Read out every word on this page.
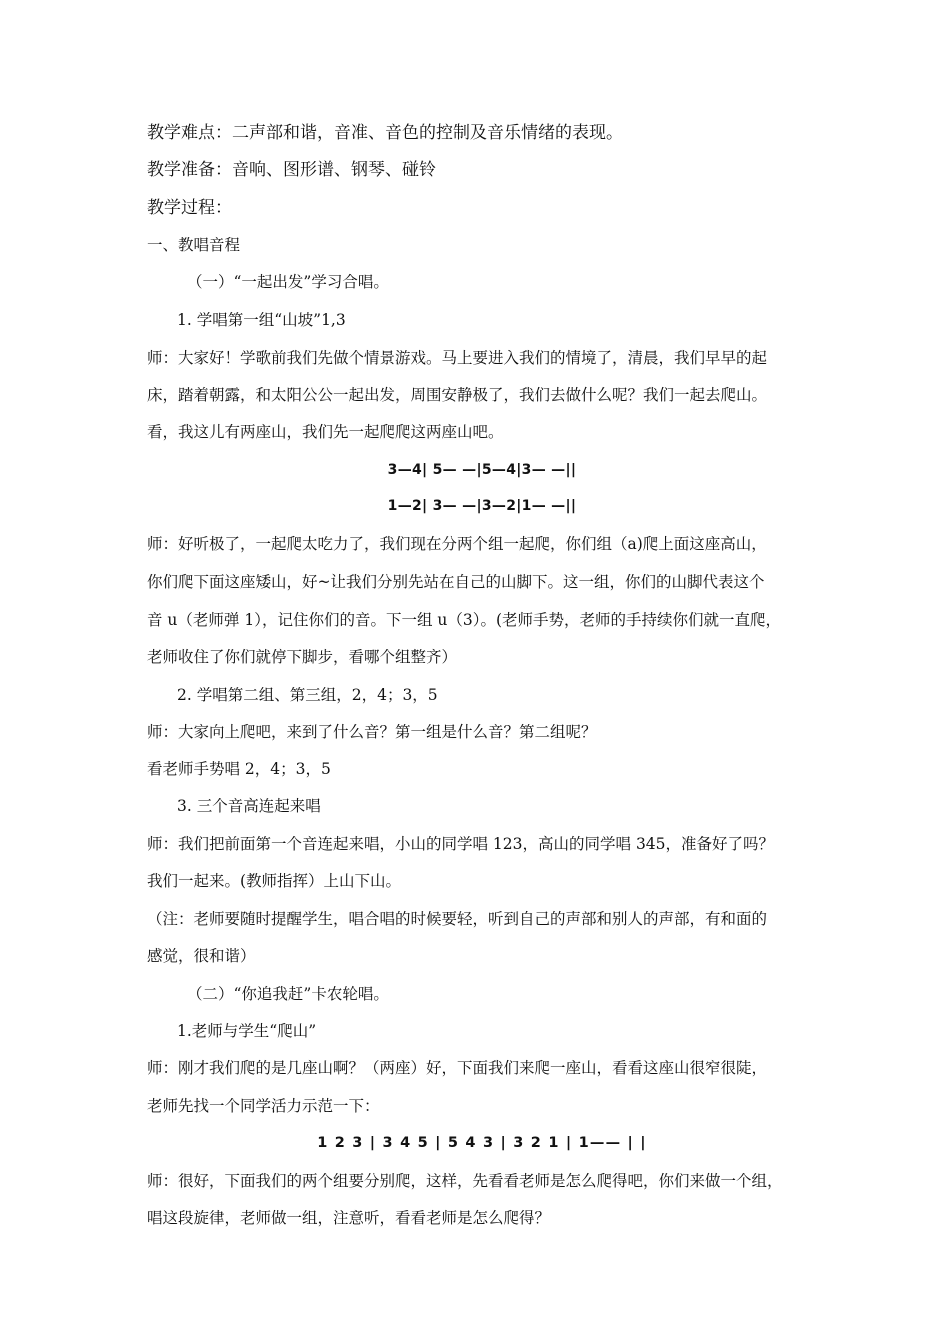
教学难点：二声部和谐，音准、音色的控制及音乐情绪的表现。
教学准备：音响、图形谱、钢琴、碰铃
教学过程：
一、教唱音程
（一）“一起出发”学习合唱。
1. 学唱第一组“山坡”1,3
师：大家好！学歌前我们先做个情景游戏。马上要进入我们的情境了，清晨，我们早早的起
床，踏着朝露，和太阳公公一起出发，周围安静极了，我们去做什么呢？我们一起去爬山。
看，我这儿有两座山，我们先一起爬爬这两座山吧。
3—4| 5— —|5—4|3— —||
1—2| 3— —|3—2|1— —||
师：好听极了，一起爬太吃力了，我们现在分两个组一起爬，你们组（a)爬上面这座高山，
你们爬下面这座矮山，好~让我们分别先站在自己的山脚下。这一组，你们的山脚代表这个
音 u（老师弹 1），记住你们的音。下一组 u（3）。(老师手势，老师的手持续你们就一直爬，
老师收住了你们就停下脚步，看哪个组整齐）
2. 学唱第二组、第三组，2，4；3，5
师：大家向上爬吧，来到了什么音？第一组是什么音？第二组呢？
看老师手势唱 2，4；3，5
3. 三个音高连起来唱
师：我们把前面第一个音连起来唱，小山的同学唱 123，高山的同学唱 345，准备好了吗？
我们一起来。(教师指挥）上山下山。
（注：老师要随时提醒学生，唱合唱的时候要轻，听到自己的声部和别人的声部，有和面的
感觉，很和谐）
（二）“你追我赶”卡农轮唱。
1.老师与学生“爬山”
师：刚才我们爬的是几座山啊？（两座）好，下面我们来爬一座山，看看这座山很窄很陡，
老师先找一个同学活力示范一下：
1 2 3 | 3 4 5 | 5 4 3 | 3 2 1 | 1—— | |
师：很好，下面我们的两个组要分别爬，这样，先看看老师是怎么爬得吧，你们来做一个组，
唱这段旋律，老师做一组，注意听，看看老师是怎么爬得？
